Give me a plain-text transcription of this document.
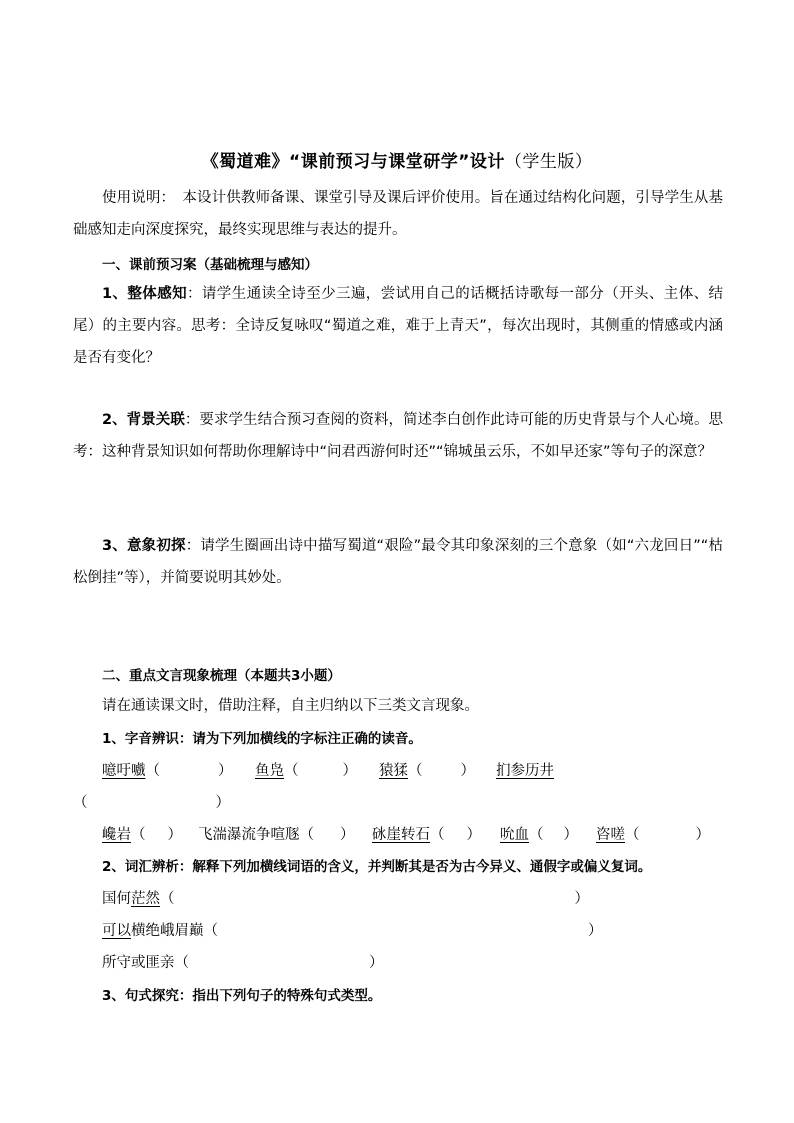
《蜀道难》“课前预习与课堂研学”设计（学生版）
使用说明：　本设计供教师备课、课堂引导及课后评价使用。旨在通过结构化问题，引导学生从基础感知走向深度探究，最终实现思维与表达的提升。
一、课前预习案（基础梳理与感知）
1、整体感知：请学生通读全诗至少三遍，尝试用自己的话概括诗歌每一部分（开头、主体、结尾）的主要内容。思考：全诗反复咏叹“蜀道之难，难于上青天”，每次出现时，其侧重的情感或内涵是否有变化？
2、背景关联：要求学生结合预习查阅的资料，简述李白创作此诗可能的历史背景与个人心境。思考：这种背景知识如何帮助你理解诗中“问君西游何时还”“锦城虽云乐，不如早还家”等句子的深意？
3、意象初探：请学生圈画出诗中描写蜀道“艰险”最令其印象深刻的三个意象（如“六龙回日”“枯松倒挂”等），并简要说明其妙处。
二、重点文言现象梳理（本题共3小题）
请在通读课文时，借助注释，自主归纳以下三类文言现象。
1、字音辨识：请为下列加横线的字标注正确的读音。
噫吁嚱（	） 鱼凫（	） 猿猱（	） 扪参历井
（	）
巉岩（ ） 飞湍瀑流争喧豗（ ） 砯崖转石（ ） 吮血（ ） 咨嗟（	）
2、词汇辨析：解释下列加横线词语的含义，并判断其是否为古今异义、通假字或偏义复词。
国何茫然（	）
可以横绝峨眉巅（	）
所守或匪亲（	）
3、句式探究：指出下列句子的特殊句式类型。
